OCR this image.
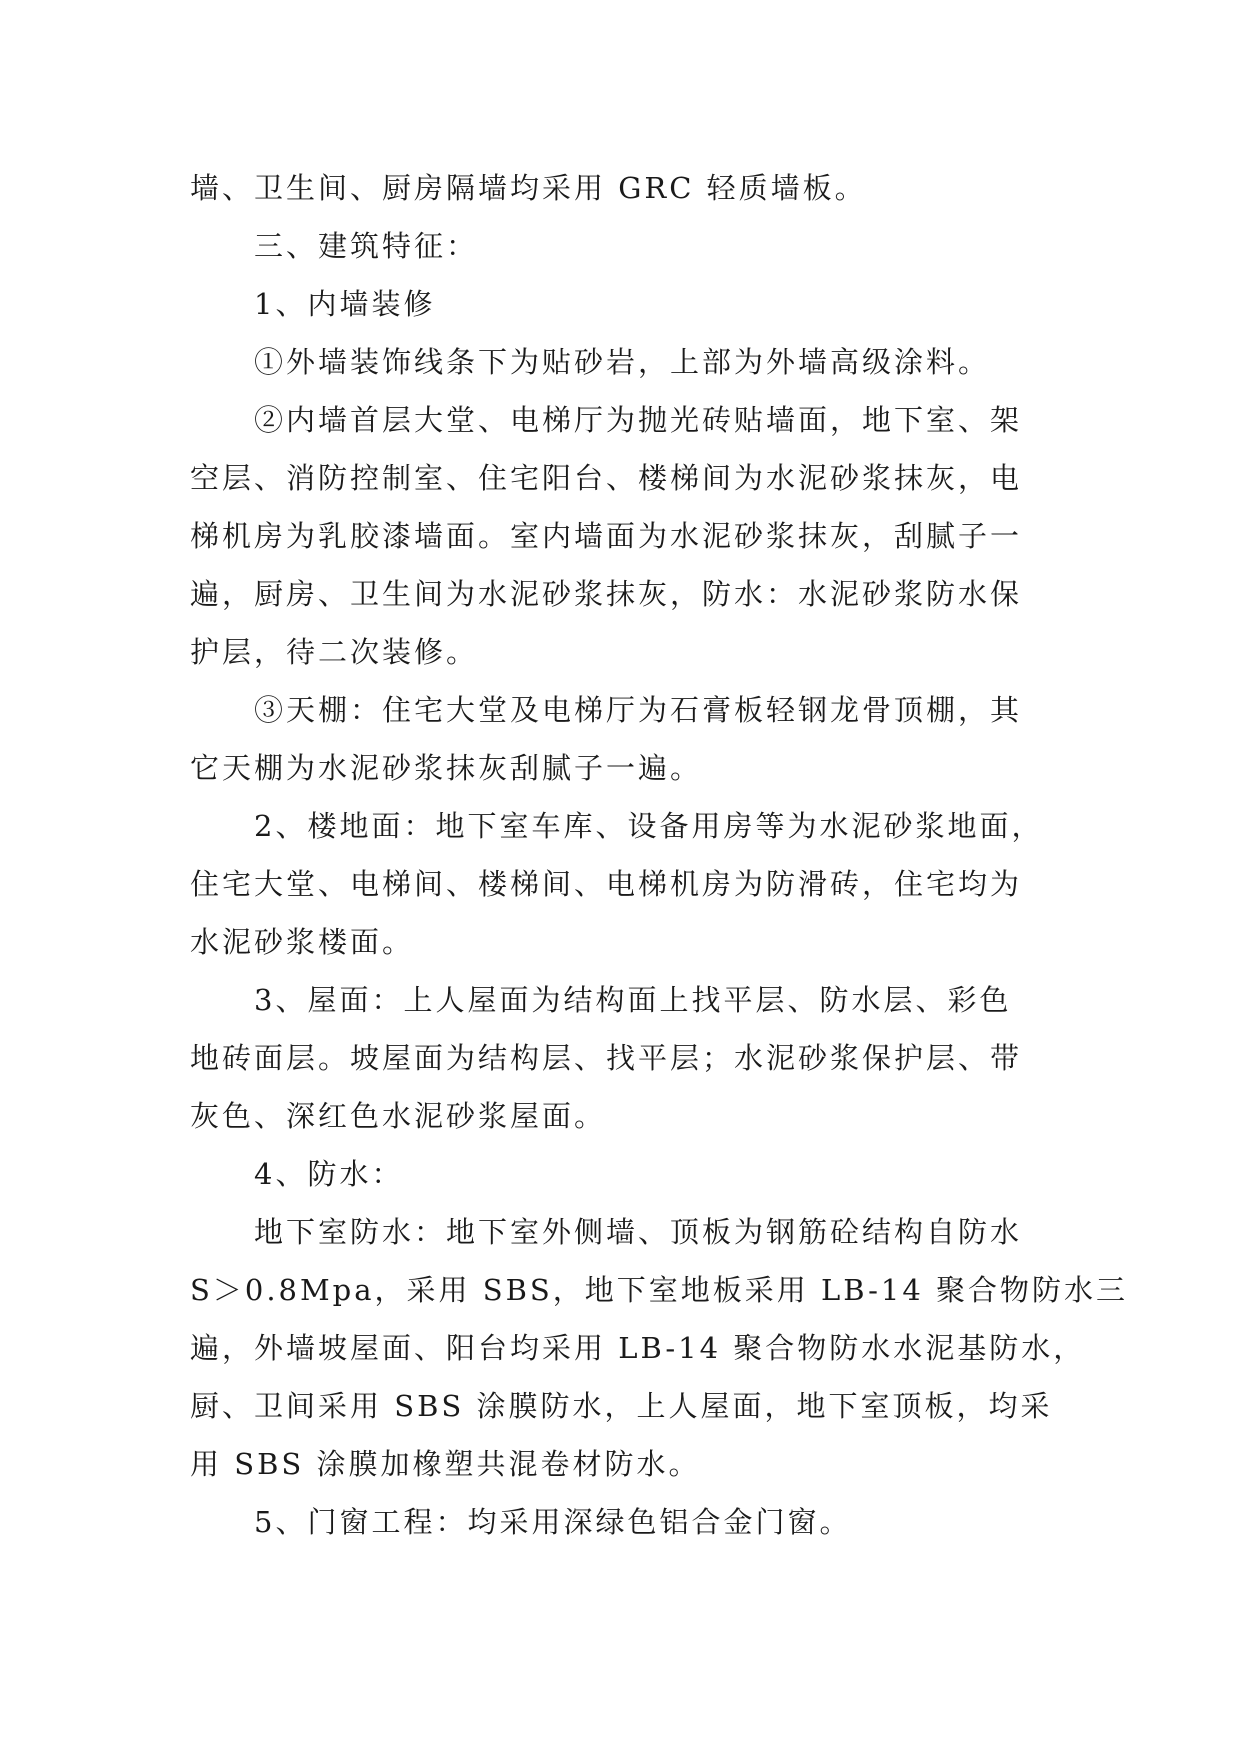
墙、卫生间、厨房隔墙均采用 GRC 轻质墙板。
三、建筑特征：
1、内墙装修
①外墙装饰线条下为贴砂岩，上部为外墙高级涂料。
②内墙首层大堂、电梯厅为抛光砖贴墙面，地下室、架
空层、消防控制室、住宅阳台、楼梯间为水泥砂浆抹灰，电
梯机房为乳胶漆墙面。室内墙面为水泥砂浆抹灰，刮腻子一
遍，厨房、卫生间为水泥砂浆抹灰，防水：水泥砂浆防水保
护层，待二次装修。
③天棚：住宅大堂及电梯厅为石膏板轻钢龙骨顶棚，其
它天棚为水泥砂浆抹灰刮腻子一遍。
2、楼地面：地下室车库、设备用房等为水泥砂浆地面，
住宅大堂、电梯间、楼梯间、电梯机房为防滑砖，住宅均为
水泥砂浆楼面。
3、屋面：上人屋面为结构面上找平层、防水层、彩色
地砖面层。坡屋面为结构层、找平层；水泥砂浆保护层、带
灰色、深红色水泥砂浆屋面。
4、防水：
地下室防水：地下室外侧墙、顶板为钢筋砼结构自防水
S＞0.8Mpa，采用 SBS，地下室地板采用 LB-14 聚合物防水三
遍，外墙坡屋面、阳台均采用 LB-14 聚合物防水水泥基防水，
厨、卫间采用 SBS 涂膜防水，上人屋面，地下室顶板，均采
用 SBS 涂膜加橡塑共混卷材防水。
5、门窗工程：均采用深绿色铝合金门窗。
